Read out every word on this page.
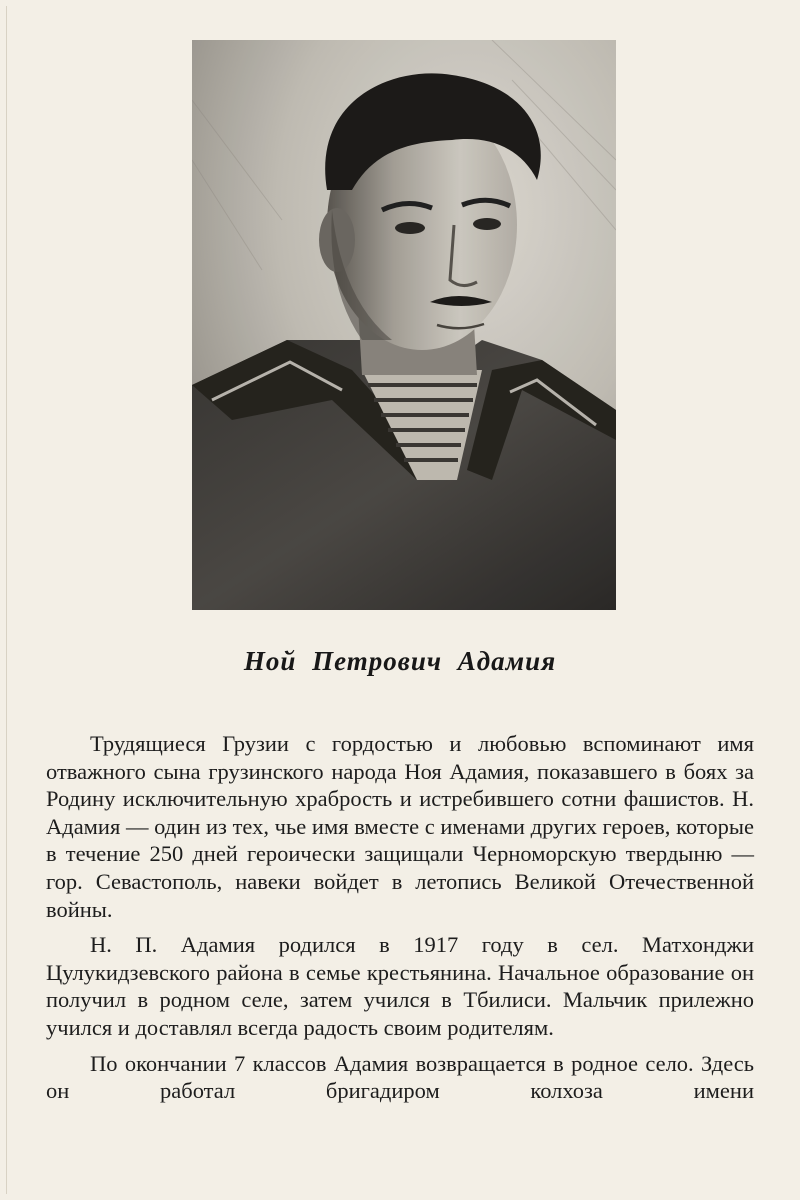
Ной Петрович Адамия

Трудящиеся Грузии с гордостью и любовью вспоминают имя отважного сына грузинского народа Ноя Адамия, показавшего в боях за Родину исключительную храбрость и истребившего сотни фашистов. Н. Адамия — один из тех, чье имя вместе с именами других героев, которые в течение 250 дней героически защищали Черноморскую твердыню — гор. Севастополь, навеки войдет в летопись Великой Отечественной войны.

Н. П. Адамия родился в 1917 году в сел. Матхонджи Цулукидзевского района в семье крестьянина. Начальное образование он получил в родном селе, затем учился в Тбилиси. Мальчик прилежно учился и доставлял всегда радость своим родителям.

По окончании 7 классов Адамия возвращается в родное село. Здесь он работал бригадиром колхоза имени
